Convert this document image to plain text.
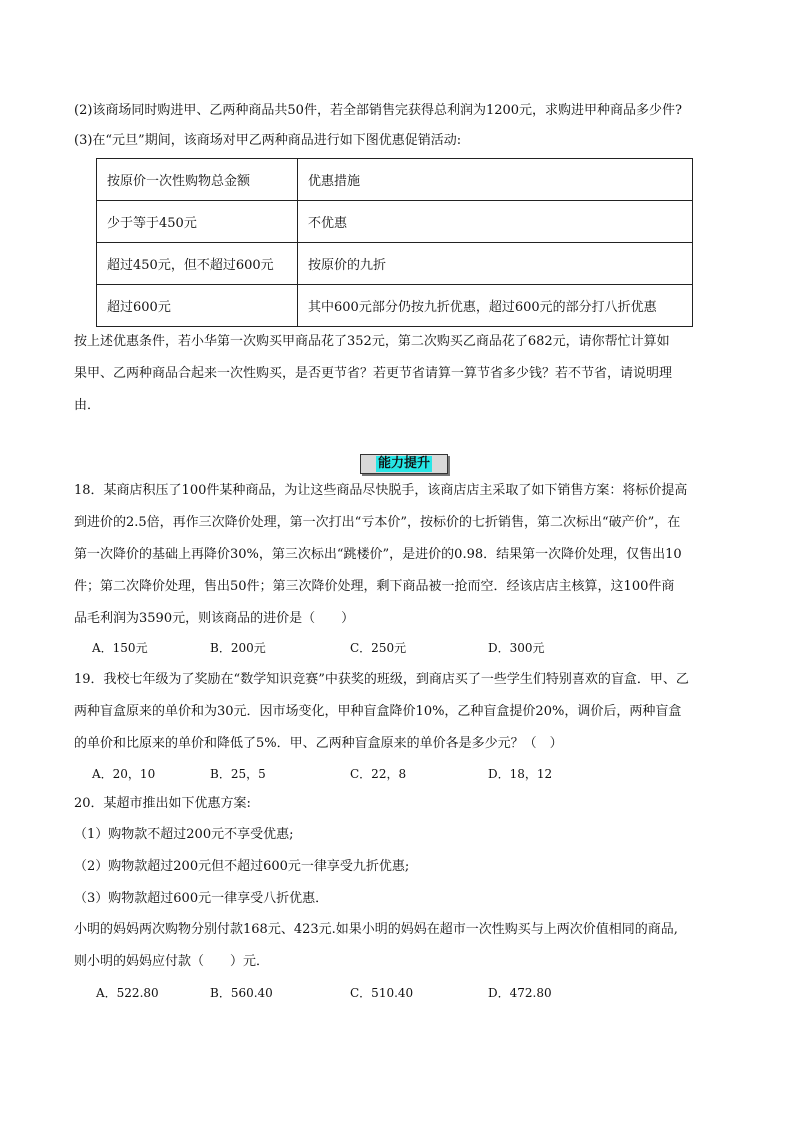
(2)该商场同时购进甲、乙两种商品共50件，若全部销售完获得总利润为1200元，求购进甲种商品多少件?
(3)在“元旦”期间，该商场对甲乙两种商品进行如下图优惠促销活动:
按原价一次性购物总金额	优惠措施
少于等于450元	不优惠
超过450元，但不超过600元	按原价的九折
超过600元	其中600元部分仍按九折优惠，超过600元的部分打八折优惠
按上述优惠条件，若小华第一次购买甲商品花了352元，第二次购买乙商品花了682元，请你帮忙计算如
果甲、乙两种商品合起来一次性购买，是否更节省？若更节省请算一算节省多少钱？若不节省，请说明理
由．
能力提升
18．某商店积压了100件某种商品，为让这些商品尽快脱手，该商店店主采取了如下销售方案：将标价提高
到进价的2.5倍，再作三次降价处理，第一次打出“亏本价”，按标价的七折销售，第二次标出“破产价”，在
第一次降价的基础上再降价30%，第三次标出“跳楼价”，是进价的0.98．结果第一次降价处理，仅售出10
件；第二次降价处理，售出50件；第三次降价处理，剩下商品被一抢而空．经该店店主核算，这100件商
品毛利润为3590元，则该商品的进价是（　　）
A．150元	B．200元	C．250元	D．300元
19．我校七年级为了奖励在“数学知识竞赛”中获奖的班级，到商店买了一些学生们特别喜欢的盲盒．甲、乙
两种盲盒原来的单价和为30元．因市场变化，甲种盲盒降价10%，乙种盲盒提价20%，调价后，两种盲盒
的单价和比原来的单价和降低了5%．甲、乙两种盲盒原来的单价各是多少元？（　）
A．20，10	B．25，5	C．22，8	D．18，12
20．某超市推出如下优惠方案:
（1）购物款不超过200元不享受优惠;
（2）购物款超过200元但不超过600元一律享受九折优惠;
（3）购物款超过600元一律享受八折优惠．
小明的妈妈两次购物分别付款168元、423元.如果小明的妈妈在超市一次性购买与上两次价值相同的商品,
则小明的妈妈应付款（　　）元．
A．522.80	B．560.40	C．510.40	D．472.80
